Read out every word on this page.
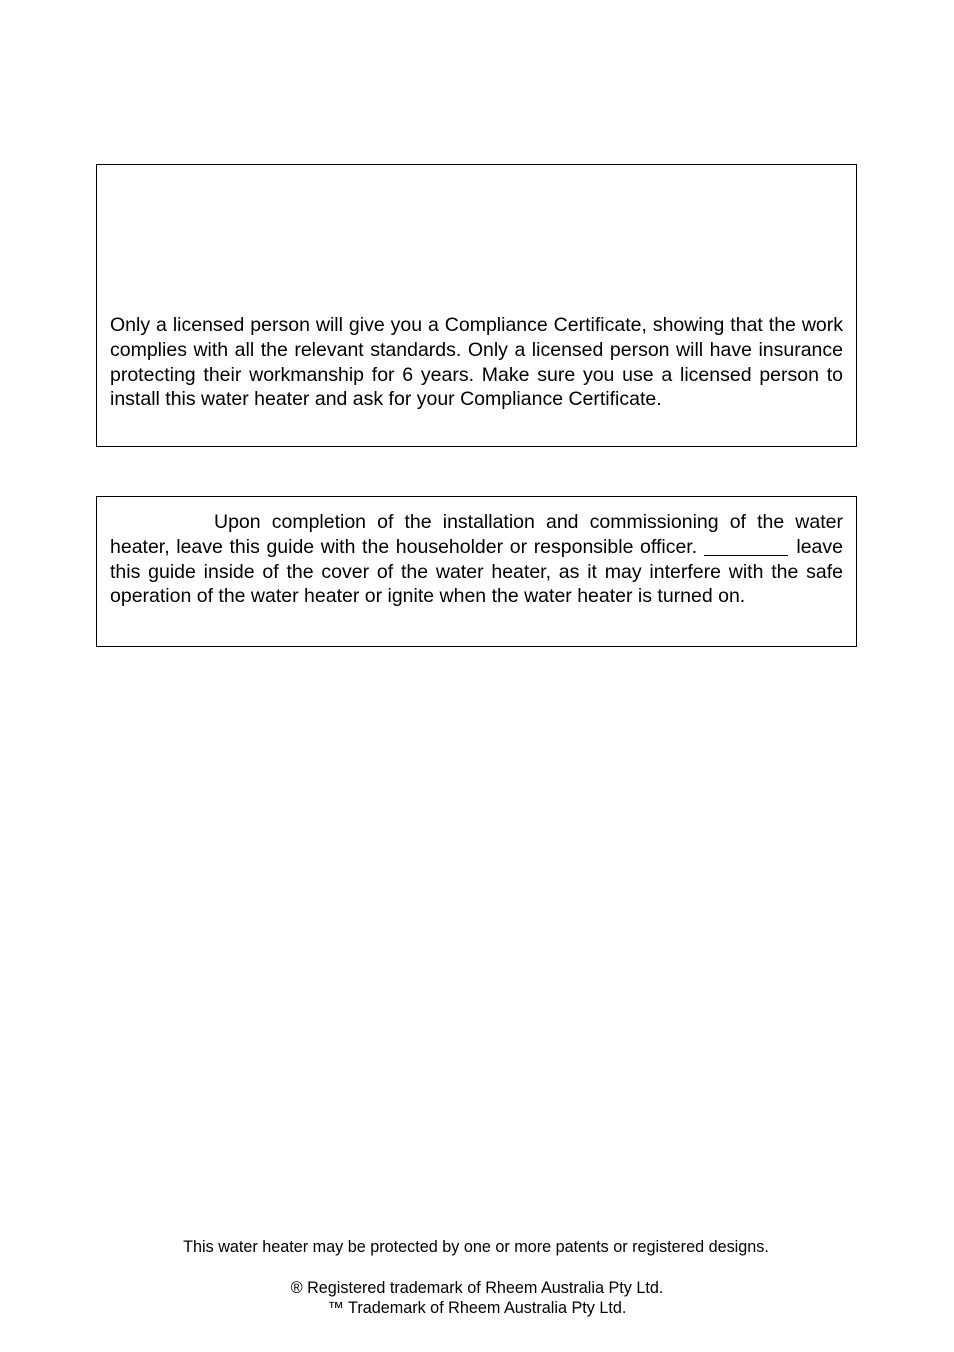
Only a licensed person will give you a Compliance Certificate, showing that the work complies with all the relevant standards. Only a licensed person will have insurance protecting their workmanship for 6 years. Make sure you use a licensed person to install this water heater and ask for your Compliance Certificate.

Upon completion of the installation and commissioning of the water heater, leave this guide with the householder or responsible officer.	leave this guide inside of the cover of the water heater, as it may interfere with the safe operation of the water heater or ignite when the water heater is turned on.

This water heater may be protected by one or more patents or registered designs.
® Registered trademark of Rheem Australia Pty Ltd.
™ Trademark of Rheem Australia Pty Ltd.
